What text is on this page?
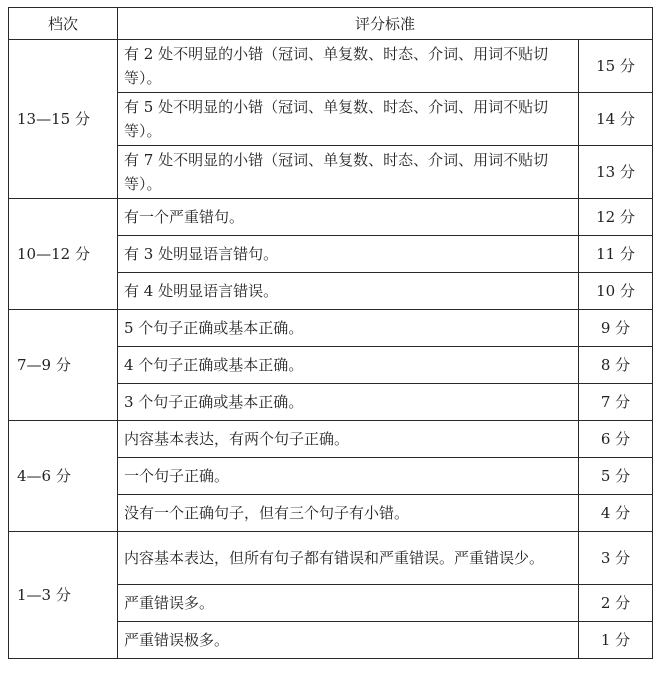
档次	评分标准	
13—15 分	有 2 处不明显的小错（冠词、单复数、时态、介词、用词不贴切等）。	15 分
	有 5 处不明显的小错（冠词、单复数、时态、介词、用词不贴切等）。	14 分
	有 7 处不明显的小错（冠词、单复数、时态、介词、用词不贴切等）。	13 分
10—12 分	有一个严重错句。	12 分
	有 3 处明显语言错句。	11 分
	有 4 处明显语言错误。	10 分
7—9 分	5 个句子正确或基本正确。	9 分
	4 个句子正确或基本正确。	8 分
	3 个句子正确或基本正确。	7 分
4—6 分	内容基本表达，有两个句子正确。	6 分
	一个句子正确。	5 分
	没有一个正确句子，但有三个句子有小错。	4 分
1—3 分	内容基本表达，但所有句子都有错误和严重错误。严重错误少。	3 分
	严重错误多。	2 分
	严重错误极多。	1 分
